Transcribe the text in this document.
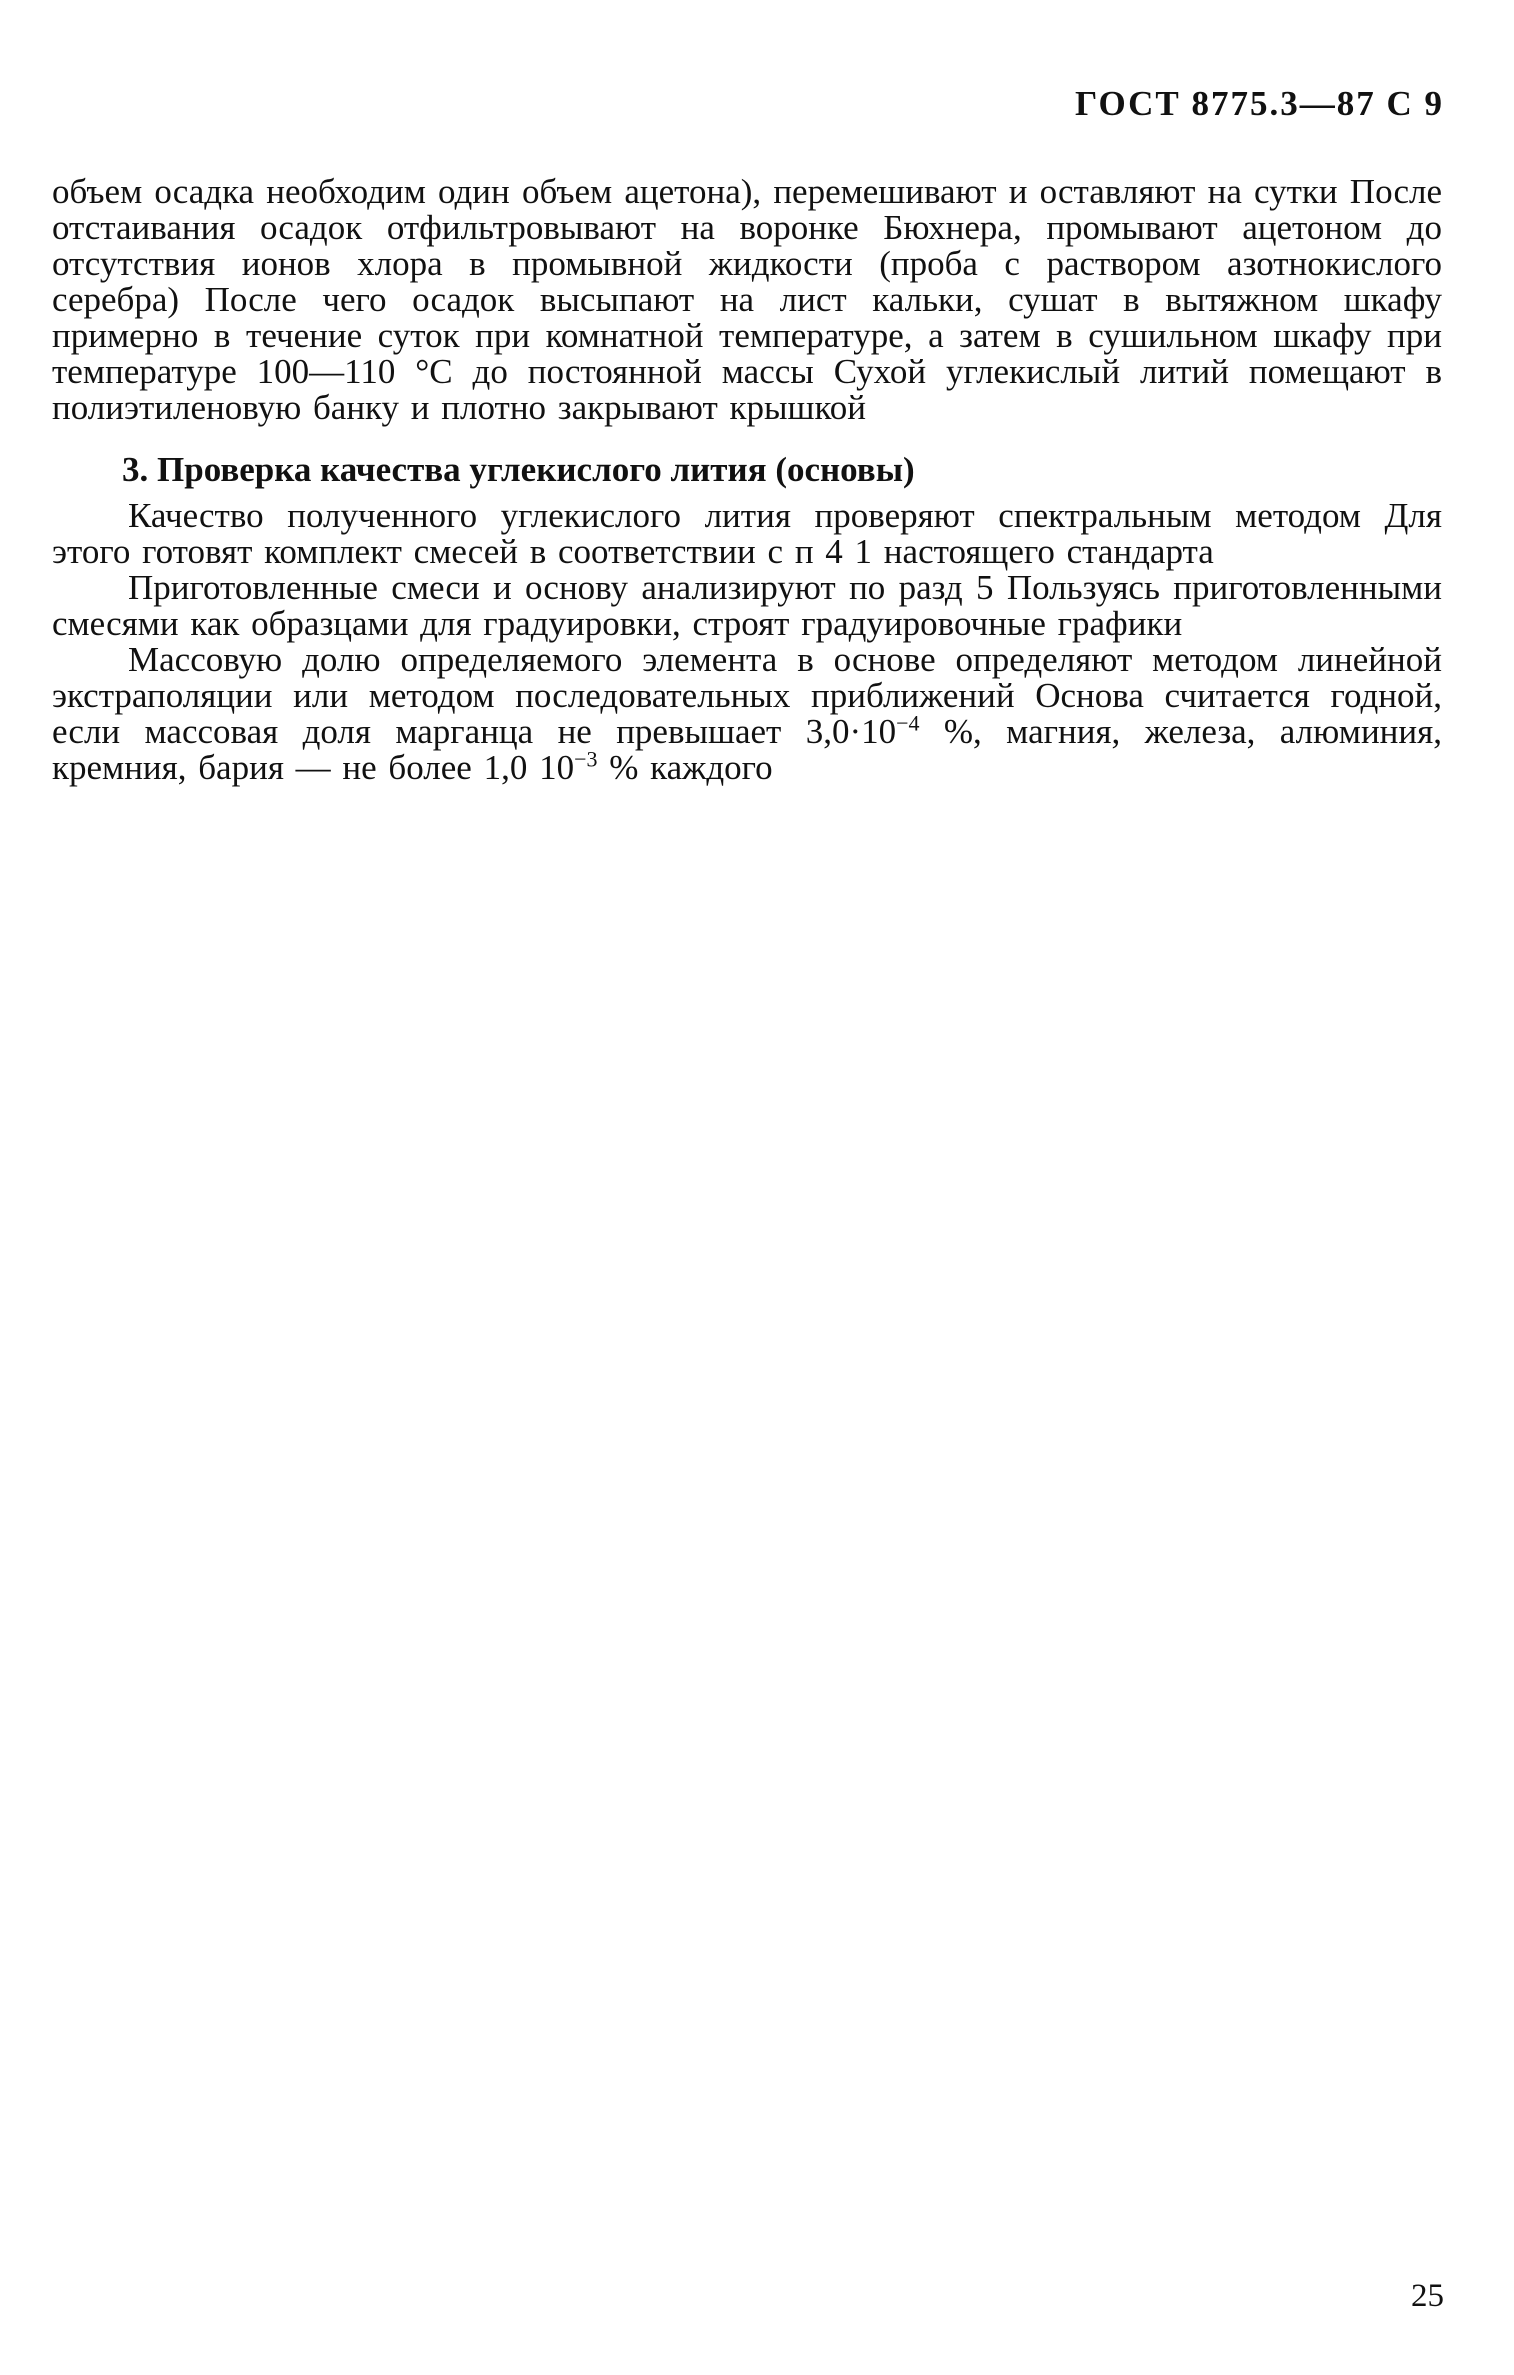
ГОСТ 8775.3—87 С 9

объем осадка необходим один объем ацетона), перемешивают и оставляют на сутки После отстаивания осадок отфильтровывают на воронке Бюхнера, промывают ацетоном до отсутствия ионов хлора в промывной жидкости (проба с раствором азотнокислого серебра) После чего осадок высыпают на лист кальки, сушат в вытяжном шкафу примерно в течение суток при комнатной температуре, а затем в сушильном шкафу при температуре 100—110 °С до постоянной массы Сухой углекислый литий помещают в полиэтиленовую банку и плотно закрывают крышкой

3. Проверка качества углекислого лития (основы)

Качество полученного углекислого лития проверяют спектральным методом Для этого готовят комплект смесей в соответствии с п 4 1 настоящего стандарта

Приготовленные смеси и основу анализируют по разд 5 Пользуясь приготовленными смесями как образцами для градуировки, строят градуировочные графики

Массовую долю определяемого элемента в основе определяют методом линейной экстраполяции или методом последовательных приближений Основа считается годной, если массовая доля марганца не превышает $3,0\cdot 10^{-4}$ %, магния, железа, алюминия, кремния, бария — не более 1,0 $10^{-3}$ % каждого

25
